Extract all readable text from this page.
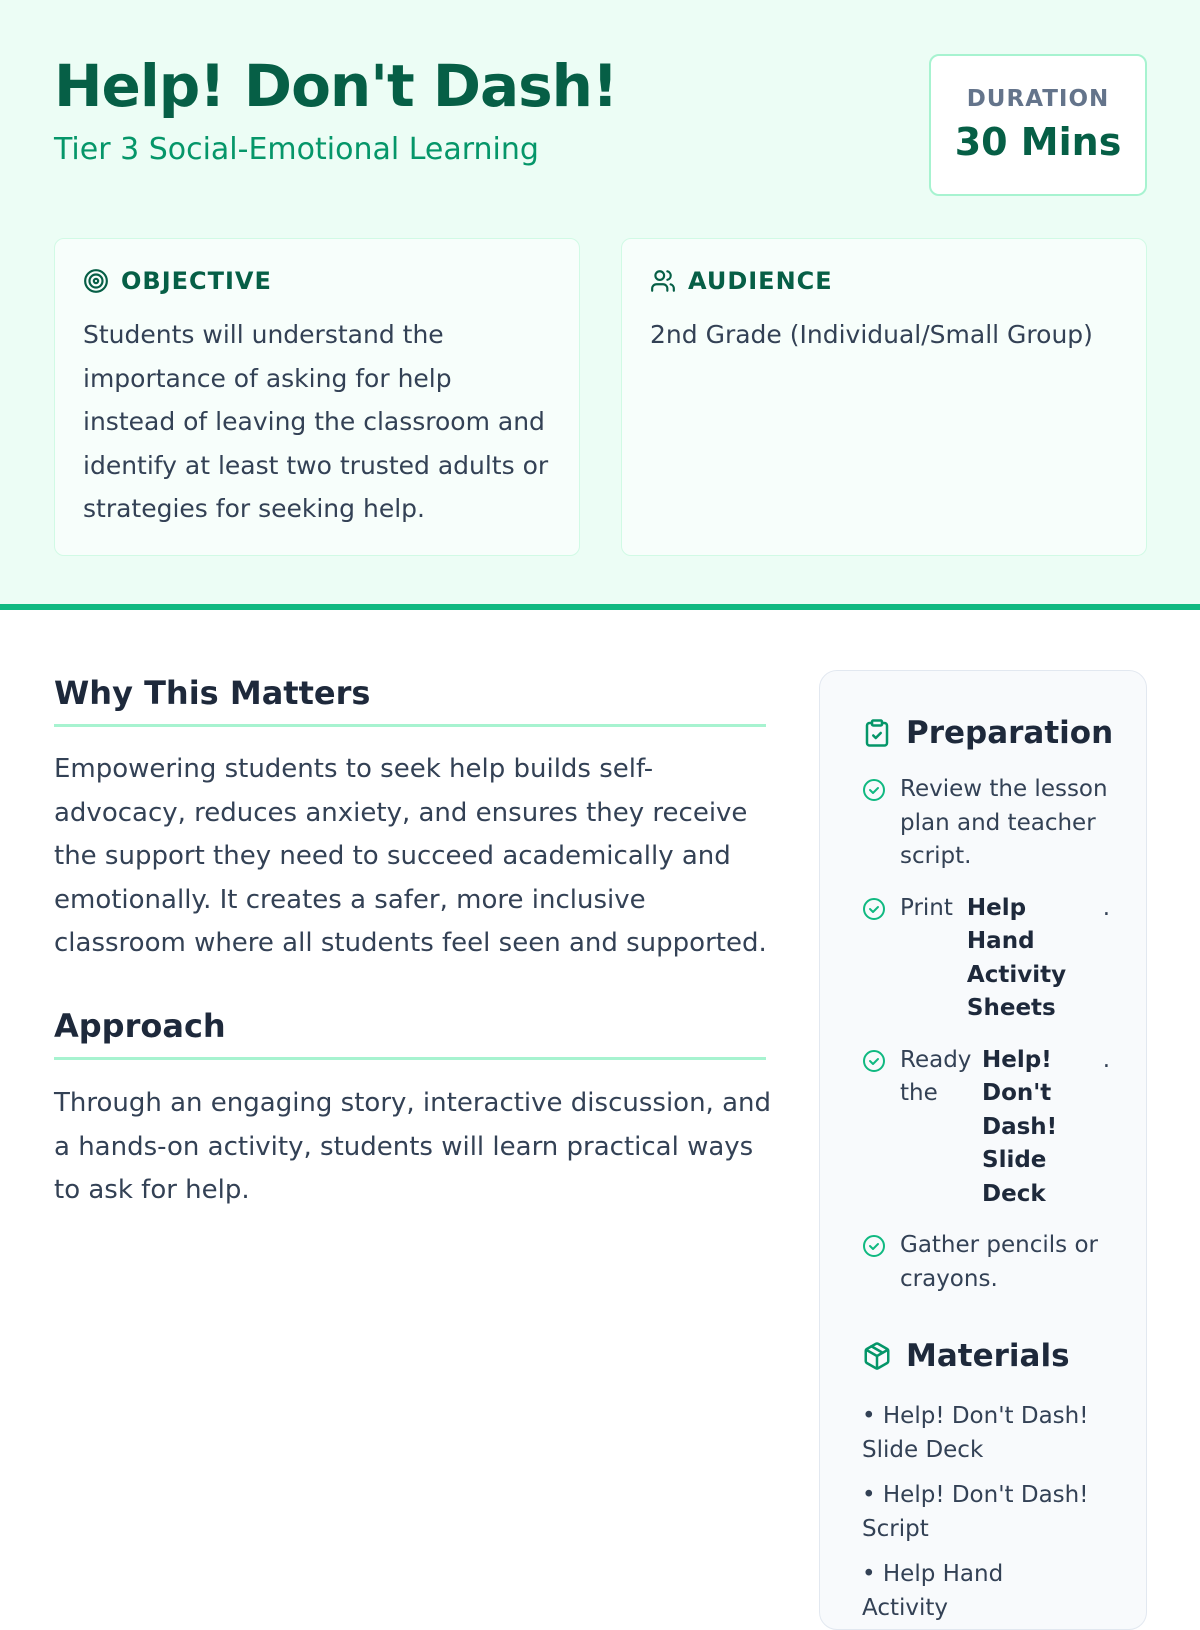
Help! Don't Dash!
Tier 3 Social-Emotional Learning
DURATION
30 Mins
OBJECTIVE

Students will understand the importance of asking for help instead of leaving the classroom and identify at least two trusted adults or strategies for seeking help.

AUDIENCE

2nd Grade (Individual/Small Group)

Why This Matters

Empowering students to seek help builds self-advocacy, reduces anxiety, and ensures they receive the support they need to succeed academically and emotionally. It creates a safer, more inclusive classroom where all students feel seen and supported.

Approach

Through an engaging story, interactive discussion, and a hands-on activity, students will learn practical ways to ask for help.

Preparation
Review the lesson plan and teacher script.
Print Help Hand Activity Sheets
.
Ready the
Help! Don't Dash! Slide Deck
.
Gather pencils or crayons.
Materials
• Help! Don't Dash! Slide Deck
• Help! Don't Dash! Script
• Help Hand Activity
